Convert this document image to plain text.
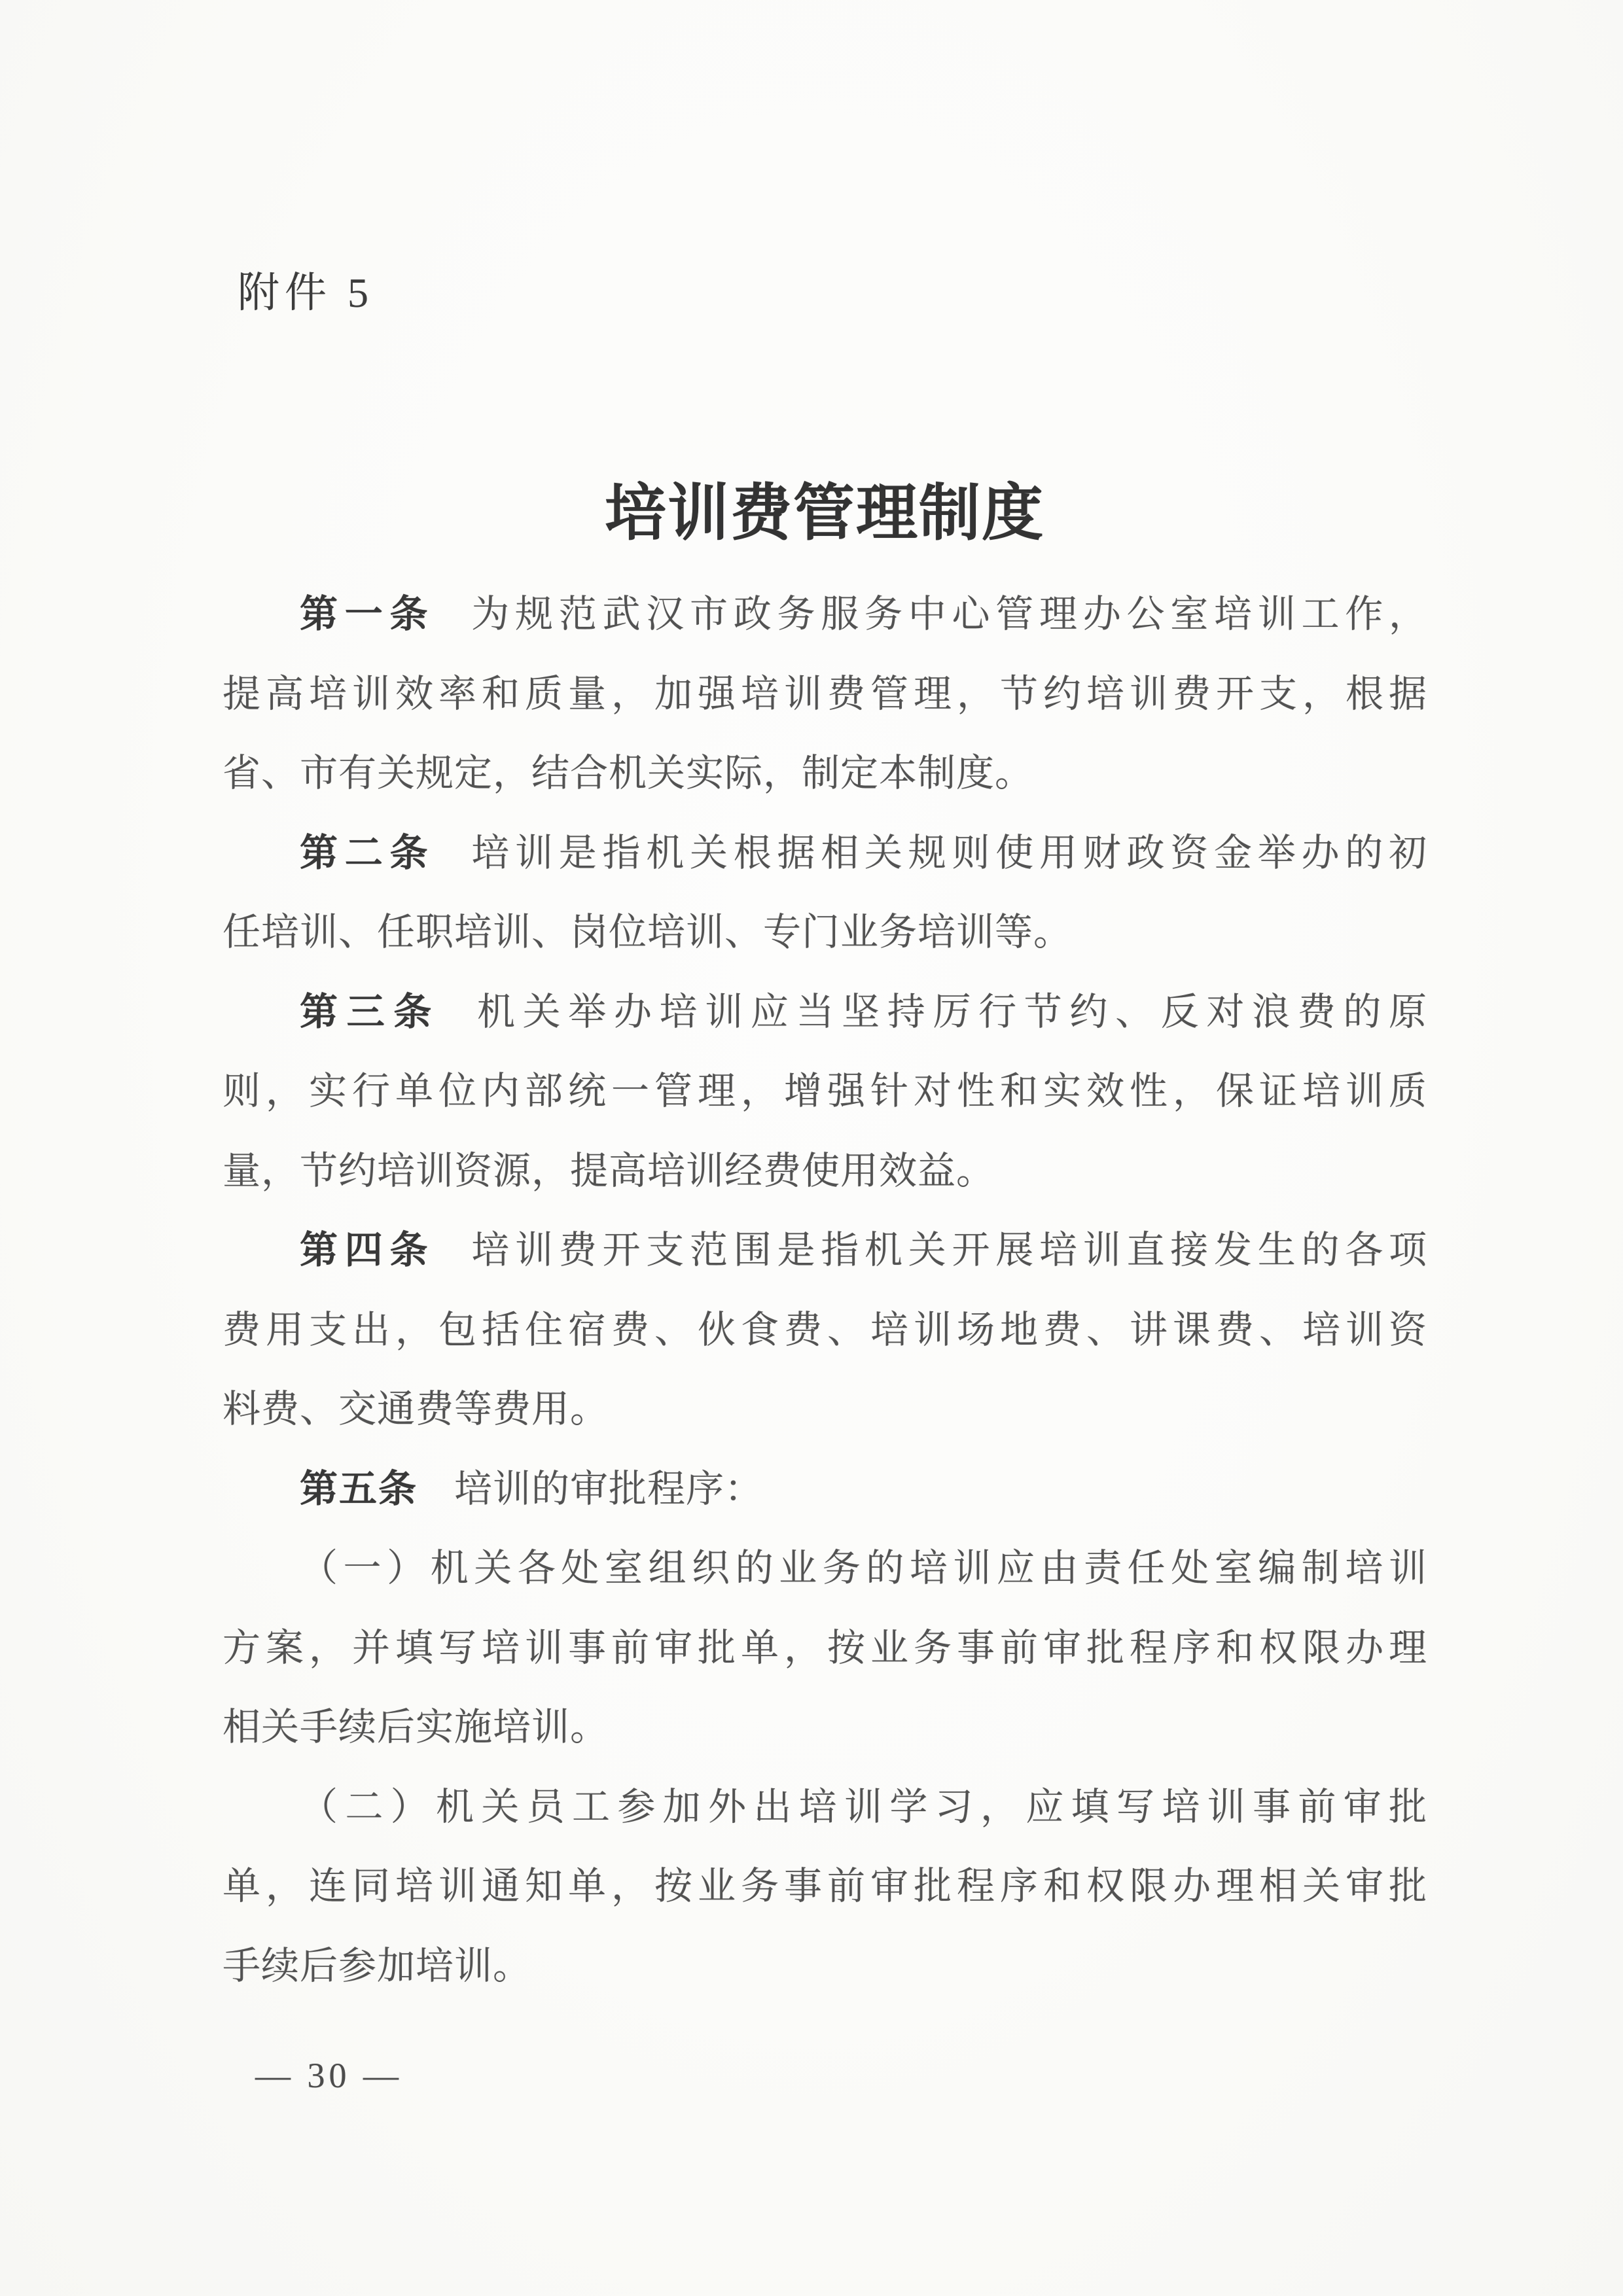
附件 5
培训费管理制度
第一条 为规范武汉市政务服务中心管理办公室培训工作，
提高培训效率和质量，加强培训费管理，节约培训费开支，根据
省、市有关规定，结合机关实际，制定本制度。
第二条 培训是指机关根据相关规则使用财政资金举办的初
任培训、任职培训、岗位培训、专门业务培训等。
第三条 机关举办培训应当坚持厉行节约、反对浪费的原
则，实行单位内部统一管理，增强针对性和实效性，保证培训质
量，节约培训资源，提高培训经费使用效益。
第四条 培训费开支范围是指机关开展培训直接发生的各项
费用支出，包括住宿费、伙食费、培训场地费、讲课费、培训资
料费、交通费等费用。
第五条 培训的审批程序：
（一）机关各处室组织的业务的培训应由责任处室编制培训
方案，并填写培训事前审批单，按业务事前审批程序和权限办理
相关手续后实施培训。
（二）机关员工参加外出培训学习，应填写培训事前审批
单，连同培训通知单，按业务事前审批程序和权限办理相关审批
手续后参加培训。
— 30 —
